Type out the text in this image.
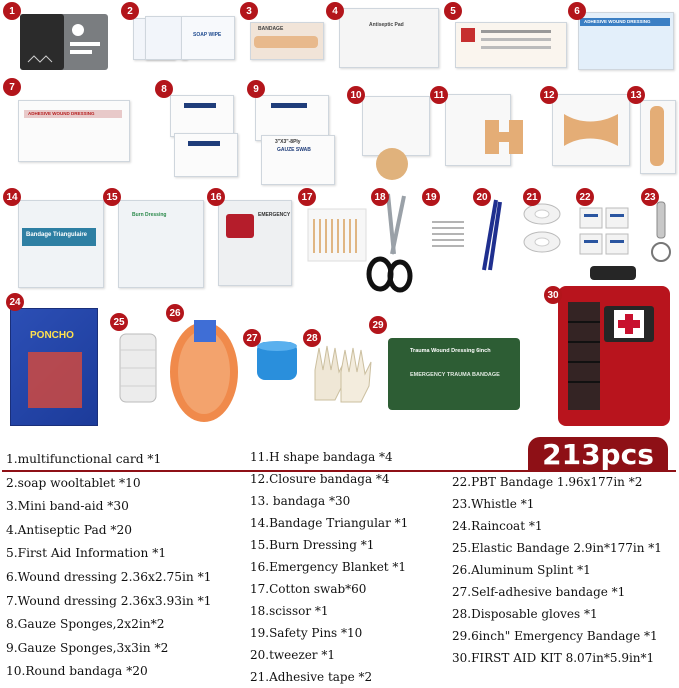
1	2
SOAP WIPE
3
BANDAGE
4
Antiseptic Pad
5	6
ADHESIVE WOUND DRESSING
7
ADHESIVE WOUND DRESSING
8	9
3"X3"-8Ply
GAUZE SWAB
10	11	12	13
14
Bandage Triangulaire
15
Burn Dressing
16
EMERGENCY
17	18	19	20	21	22	23
24
PONCHO
25
26
27	28
29
Trauma Wound Dressing 6inch
EMERGENCY TRAUMA BANDAGE
30
213pcs
1.multifunctional card *1
2.soap wooltablet *10
3.Mini band-aid *30
4.Antiseptic Pad *20
5.First Aid Information *1
6.Wound dressing 2.36x2.75in *1
7.Wound dressing 2.36x3.93in *1
8.Gauze Sponges,2x2in*2
9.Gauze Sponges,3x3in *2
10.Round bandaga *20
11.H shape bandaga *4
12.Closure bandaga *4
13. bandaga *30
14.Bandage Triangular *1
15.Burn Dressing *1
16.Emergency Blanket *1
17.Cotton swab*60
18.scissor *1
19.Safety Pins *10
20.tweezer *1
21.Adhesive tape *2
22.PBT Bandage 1.96x177in *2
23.Whistle *1
24.Raincoat *1
25.Elastic Bandage 2.9in*177in *1
26.Aluminum Splint *1
27.Self-adhesive bandage *1
28.Disposable gloves *1
29.6inch" Emergency Bandage *1
30.FIRST AID KIT 8.07in*5.9in*1
